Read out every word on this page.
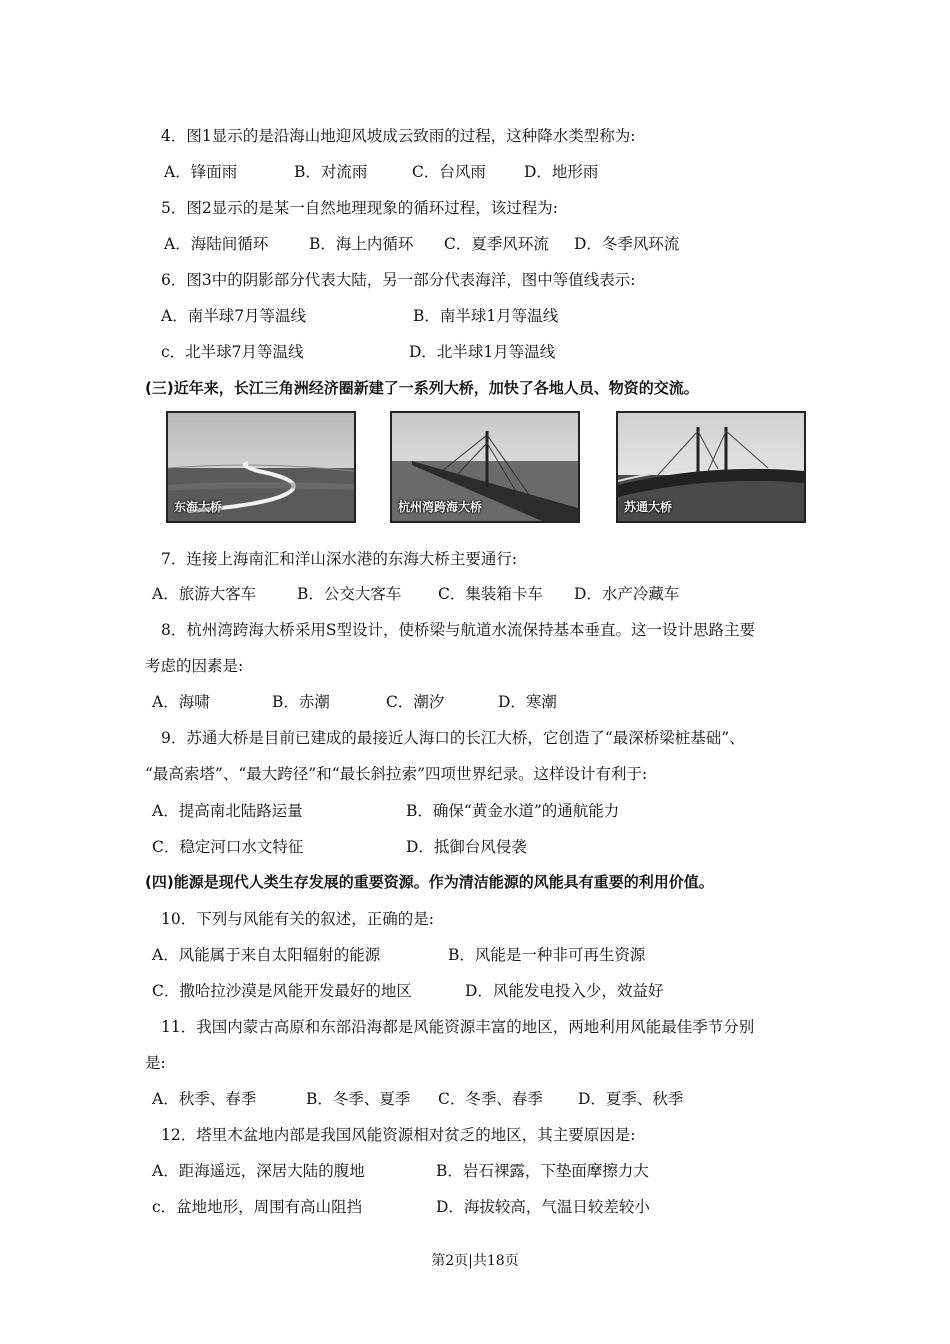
4．图1显示的是沿海山地迎风坡成云致雨的过程，这种降水类型称为:
A．锋面雨	B．对流雨	C．台风雨 D．地形雨
5．图2显示的是某一自然地理现象的循环过程，该过程为:
A．海陆间循环	B．海上内循环 C．夏季风环流 D．冬季风环流
6．图3中的阴影部分代表大陆，另一部分代表海洋，图中等值线表示:
A．南半球7月等温线	B．南半球1月等温线
c．北半球7月等温线	D．北半球1月等温线
(三)近年来，长江三角洲经济圈新建了一系列大桥，加快了各地人员、物资的交流。
东海大桥	杭州湾跨海大桥	苏通大桥
7．连接上海南汇和洋山深水港的东海大桥主要通行:
A．旅游大客车	B．公交大客车 C．集装箱卡车 D．水产冷藏车
8．杭州湾跨海大桥采用S型设计，使桥梁与航道水流保持基本垂直。这一设计思路主要
考虑的因素是:
A．海啸	B．赤潮	C．潮汐	D．寒潮
9．苏通大桥是目前已建成的最接近人海口的长江大桥，它创造了“最深桥梁桩基础”、
“最高索塔”、“最大跨径”和“最长斜拉索”四项世界纪录。这样设计有利于:
A．提高南北陆路运量	B．确保“黄金水道”的通航能力
C．稳定河口水文特征	D．抵御台风侵袭
(四)能源是现代人类生存发展的重要资源。作为清洁能源的风能具有重要的利用价值。
10．下列与风能有关的叙述，正确的是:
A．风能属于来自太阳辐射的能源	B．风能是一种非可再生资源
C．撒哈拉沙漠是风能开发最好的地区	D．风能发电投入少，效益好
11．我国内蒙古高原和东部沿海都是风能资源丰富的地区，两地利用风能最佳季节分别
是:
A．秋季、春季	B．冬季、夏季 C．冬季、春季 D．夏季、秋季
12．塔里木盆地内部是我国风能资源相对贫乏的地区，其主要原因是:
A．距海遥远，深居大陆的腹地	B．岩石裸露，下垫面摩擦力大
c．盆地地形，周围有高山阻挡	D．海拔较高，气温日较差较小
第2页|共18页
